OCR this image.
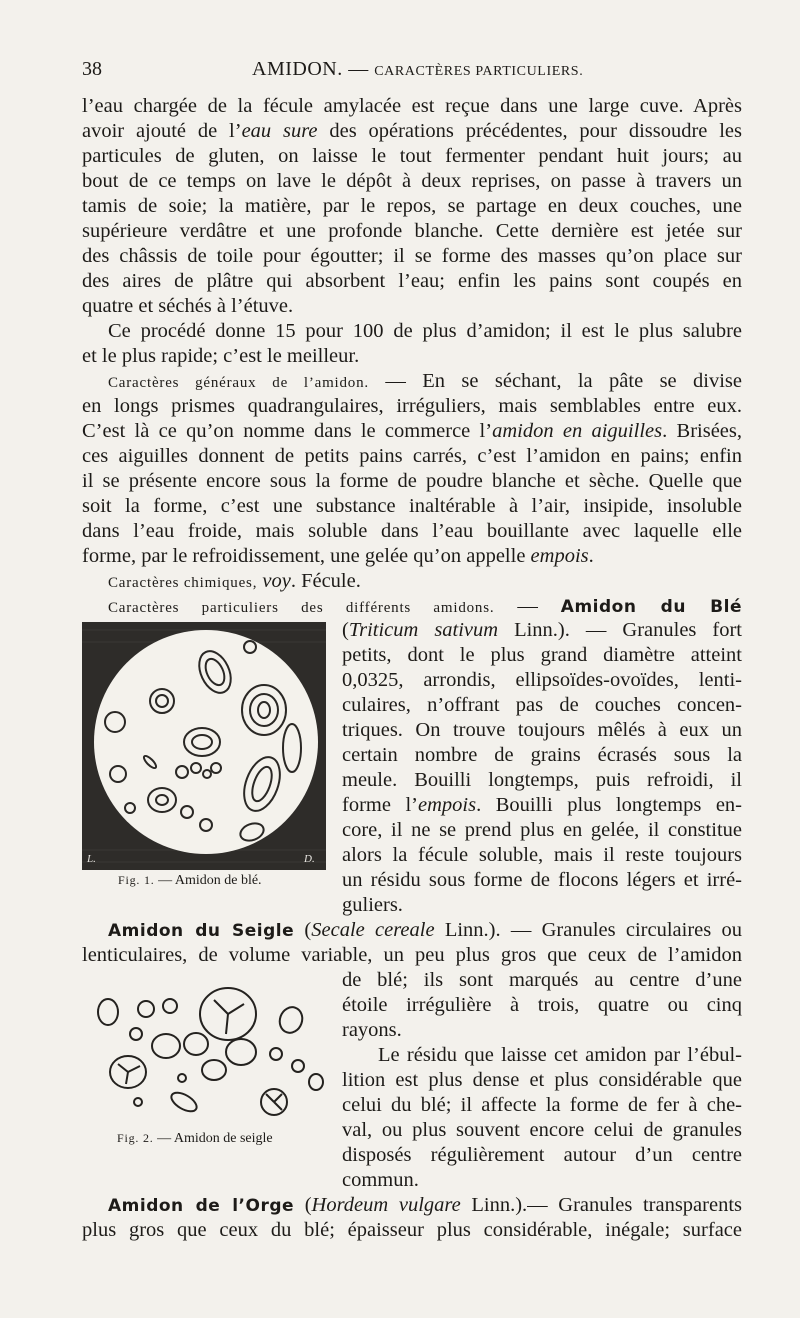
38	AMIDON. — CARACTÈRES PARTICULIERS.
l’eau chargée de la fécule amylacée est reçue dans une large cuve. Après
avoir ajouté de l’eau sure des opérations précédentes, pour dissoudre les
particules de gluten, on laisse le tout fermenter pendant huit jours; au
bout de ce temps on lave le dépôt à deux reprises, on passe à travers un
tamis de soie; la matière, par le repos, se partage en deux couches, une
supérieure verdâtre et une profonde blanche. Cette dernière est jetée sur
des châssis de toile pour égoutter; il se forme des masses qu’on place sur
des aires de plâtre qui absorbent l’eau; enfin les pains sont coupés en
quatre et séchés à l’étuve.
Ce procédé donne 15 pour 100 de plus d’amidon; il est le plus salubre
et le plus rapide; c’est le meilleur.
Caractères généraux de l’amidon. — En se séchant, la pâte se divise
en longs prismes quadrangulaires, irréguliers, mais semblables entre eux.
C’est là ce qu’on nomme dans le commerce l’amidon en aiguilles. Brisées,
ces aiguilles donnent de petits pains carrés, c’est l’amidon en pains; enfin
il se présente encore sous la forme de poudre blanche et sèche. Quelle que
soit la forme, c’est une substance inaltérable à l’air, insipide, insoluble
dans l’eau froide, mais soluble dans l’eau bouillante avec laquelle elle
forme, par le refroidissement, une gelée qu’on appelle empois.
Caractères chimiques, voy. Fécule.
Caractères particuliers des différents amidons. — Amidon du Blé
L.	D.
Fig. 1. — Amidon de blé.
(Triticum sativum Linn.). — Granules fort
petits, dont le plus grand diamètre atteint
0,0325, arrondis, ellipsoïdes-ovoïdes, lenti-
culaires, n’offrant pas de couches concen-
triques. On trouve toujours mêlés à eux un
certain nombre de grains écrasés sous la
meule. Bouilli longtemps, puis refroidi, il
forme l’empois. Bouilli plus longtemps en-
core, il ne se prend plus en gelée, il constitue
alors la fécule soluble, mais il reste toujours
un résidu sous forme de flocons légers et irré-
guliers.
Amidon du Seigle (Secale cereale Linn.). — Granules circulaires ou
lenticulaires, de volume variable, un peu plus gros que ceux de l’amidon
Fig. 2. — Amidon de seigle
de blé; ils sont marqués au centre d’une
étoile irrégulière à trois, quatre ou cinq
rayons.
Le résidu que laisse cet amidon par l’ébul-
lition est plus dense et plus considérable que
celui du blé; il affecte la forme de fer à che-
val, ou plus souvent encore celui de granules
disposés régulièrement autour d’un centre
commun.
Amidon de l’Orge (Hordeum vulgare Linn.).— Granules transparents
plus gros que ceux du blé; épaisseur plus considérable, inégale; surface
